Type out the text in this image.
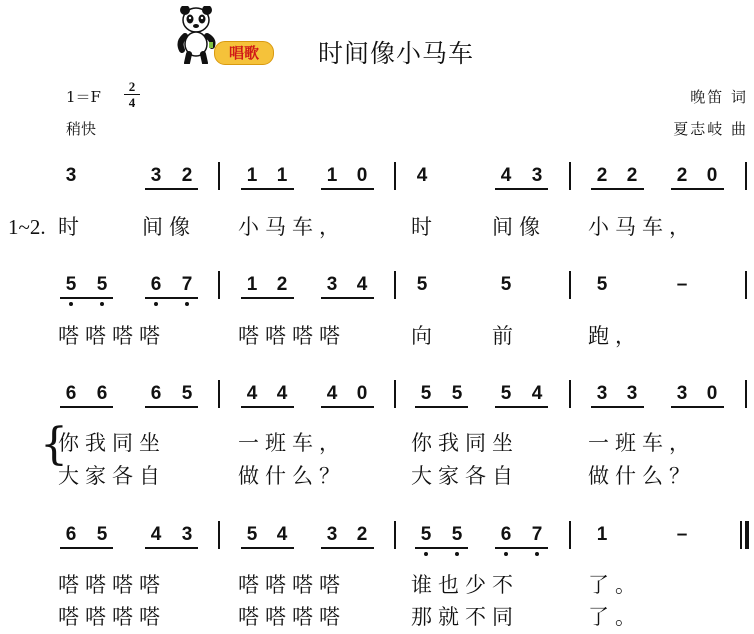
唱歌	时间像小马车
1＝F
2
4
稍快
晚笛 词
夏志岐 曲
3	3	2	1	1	1	0	4	4	3	2	2	2	0
1~2. 时	间像 小马车，	时	间像 小马车，
5	5	6	7	1	2	3	4	5	5	5	–
嗒嗒嗒嗒	嗒嗒嗒嗒	向	前	跑，
6	6	6	5	4	4	4	0	5	5	5	4	3	3	3	0
{
你我同坐	一班车，	你我同坐	一班车，
大家各自	做什么？	大家各自	做什么？
6	5	4	3	5	4	3	2	5	5	6	7	1	–
嗒嗒嗒嗒	嗒嗒嗒嗒	谁也少不	了。
嗒嗒嗒嗒	嗒嗒嗒嗒	那就不同	了。
